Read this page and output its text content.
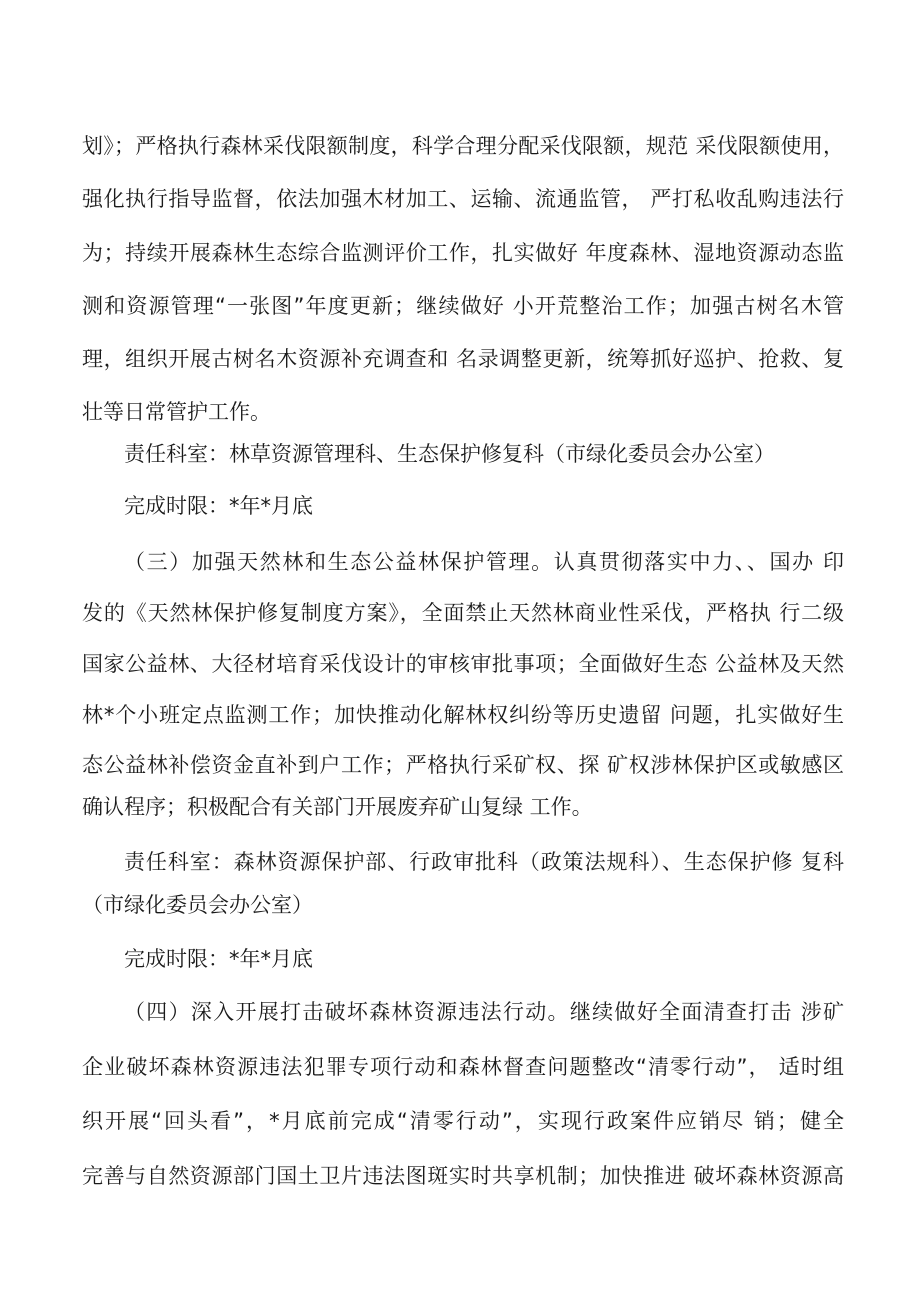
划》；严格执行森林采伐限额制度，科学合理分配采伐限额，规范 采伐限额使用，
强化执行指导监督，依法加强木材加工、运输、流通监管， 严打私收乱购违法行
为；持续开展森林生态综合监测评价工作，扎实做好 年度森林、湿地资源动态监
测和资源管理“一张图”年度更新；继续做好 小开荒整治工作；加强古树名木管
理，组织开展古树名木资源补充调查和 名录调整更新，统筹抓好巡护、抢救、复
壮等日常管护工作。
责任科室：林草资源管理科、生态保护修复科（市绿化委员会办公室）
完成时限：*年*月底
（三）加强天然林和生态公益林保护管理。认真贯彻落实中力、、国办 印
发的《天然林保护修复制度方案》，全面禁止天然林商业性采伐，严格执 行二级
国家公益林、大径材培育采伐设计的审核审批事项；全面做好生态 公益林及天然
林*个小班定点监测工作；加快推动化解林权纠纷等历史遗留 问题，扎实做好生
态公益林补偿资金直补到户工作；严格执行采矿权、探 矿权涉林保护区或敏感区
确认程序；积极配合有关部门开展废弃矿山复绿 工作。
责任科室：森林资源保护部、行政审批科（政策法规科）、生态保护修 复科
（市绿化委员会办公室）
完成时限：*年*月底
（四）深入开展打击破坏森林资源违法行动。继续做好全面清查打击 涉矿
企业破坏森林资源违法犯罪专项行动和森林督查问题整改“清零行动”， 适时组
织开展“回头看”，*月底前完成“清零行动”，实现行政案件应销尽 销；健全
完善与自然资源部门国土卫片违法图斑实时共享机制；加快推进 破坏森林资源高
